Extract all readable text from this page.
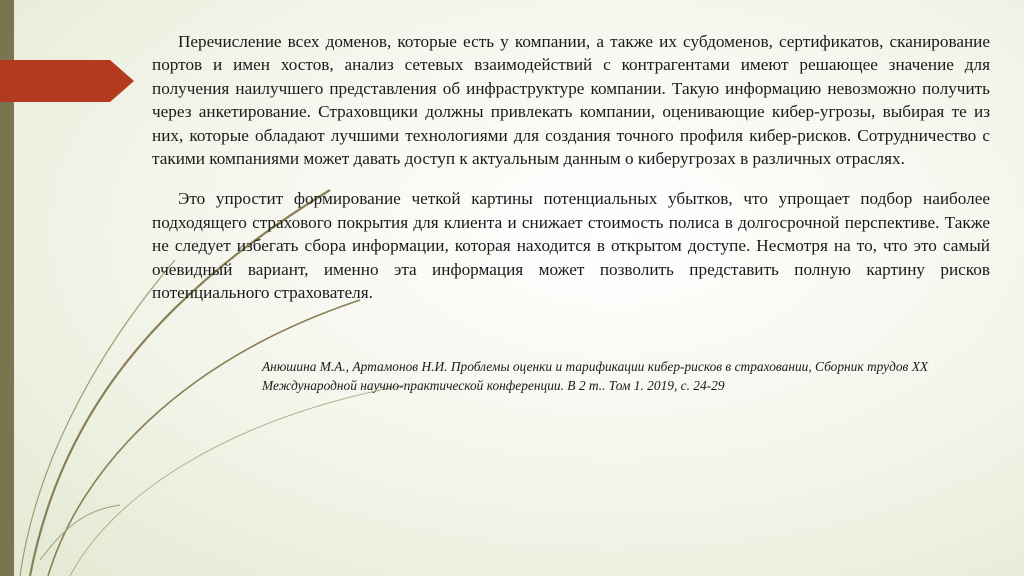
Перечисление всех доменов, которые есть у компании, а также их субдоменов, сертификатов, сканирование портов и имен хостов, анализ сетевых взаимодействий с контрагентами имеют решающее значение для получения наилучшего представления об инфраструктуре компании. Такую информацию невозможно получить через анкетирование. Страховщики должны привлекать компании, оценивающие кибер-угрозы, выбирая те из них, которые обладают лучшими технологиями для создания точного профиля кибер-рисков. Сотрудничество с такими компаниями может давать доступ к актуальным данным о киберугрозах в различных отраслях.

Это упростит формирование четкой картины потенциальных убытков, что упрощает подбор наиболее подходящего страхового покрытия для клиента и снижает стоимость полиса в долгосрочной перспективе. Также не следует избегать сбора информации, которая находится в открытом доступе. Несмотря на то, что это самый очевидный вариант, именно эта информация может позволить представить полную картину рисков потенциального страхователя.

Анюшина М.А., Артамонов Н.И. Проблемы оценки и тарификации кибер-рисков в страховании, Сборник трудов XX Международной научно-практической конференции. В 2 т.. Том 1. 2019, с. 24-29
